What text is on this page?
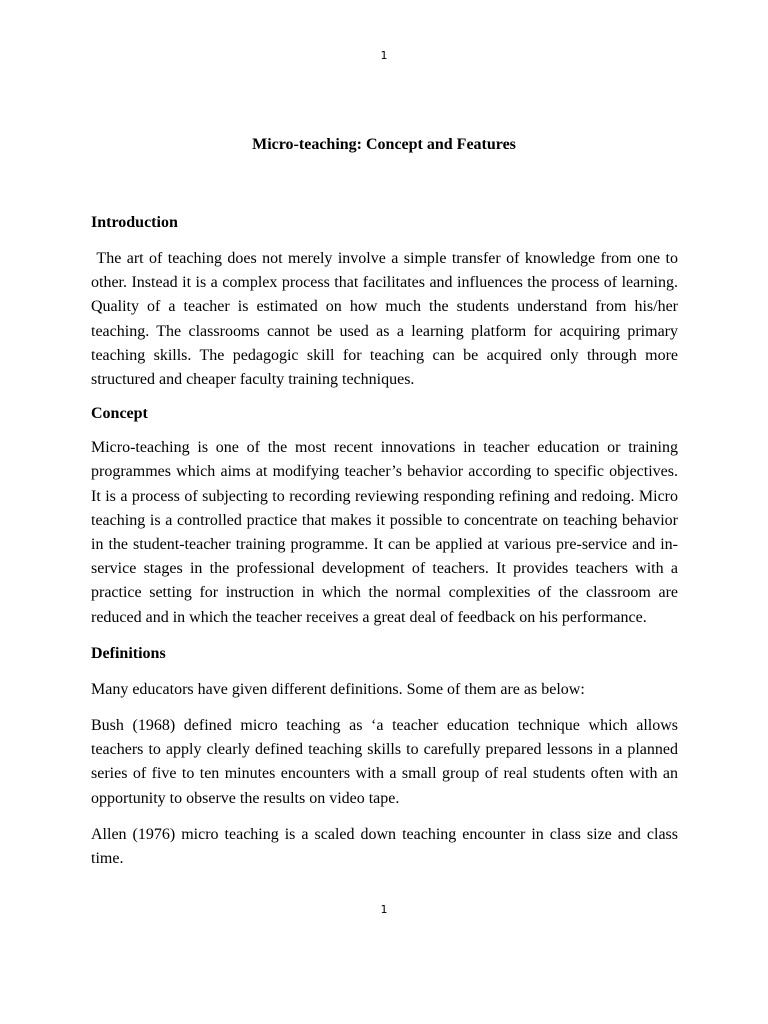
1
Micro-teaching: Concept and Features
Introduction

The art of teaching does not merely involve a simple transfer of knowledge from one to other. Instead it is a complex process that facilitates and influences the process of learning. Quality of a teacher is estimated on how much the students understand from his/her teaching. The classrooms cannot be used as a learning platform for acquiring primary teaching skills. The pedagogic skill for teaching can be acquired only through more structured and cheaper faculty training techniques.

Concept

Micro-teaching is one of the most recent innovations in teacher education or training programmes which aims at modifying teacher’s behavior according to specific objectives. It is a process of subjecting to recording reviewing responding refining and redoing. Micro teaching is a controlled practice that makes it possible to concentrate on teaching behavior in the student-teacher training programme. It can be applied at various pre-service and in-service stages in the professional development of teachers. It provides teachers with a practice setting for instruction in which the normal complexities of the classroom are reduced and in which the teacher receives a great deal of feedback on his performance.

Definitions

Many educators have given different definitions. Some of them are as below:

Bush (1968) defined micro teaching as ‘a teacher education technique which allows teachers to apply clearly defined teaching skills to carefully prepared lessons in a planned series of five to ten minutes encounters with a small group of real students often with an opportunity to observe the results on video tape.

Allen (1976) micro teaching is a scaled down teaching encounter in class size and class time.

1
